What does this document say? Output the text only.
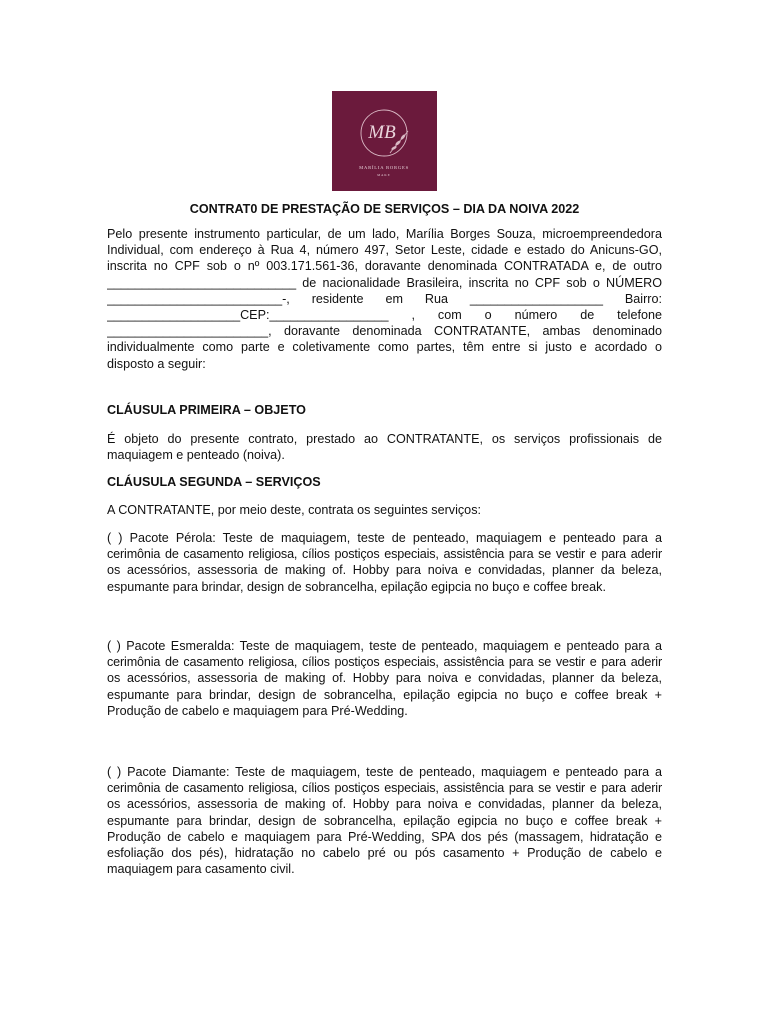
MB
MARÍLIA BORGES
MAKE
CONTRAT0 DE PRESTAÇÃO DE SERVIÇOS – DIA DA NOIVA 2022
Pelo presente instrumento particular, de um lado, Marília Borges Souza, microempreendedora
Individual, com endereço à Rua 4, número 497, Setor Leste, cidade e estado do Anicuns-GO,
inscrita no CPF sob o nº 003.171.561-36, doravante denominada CONTRATADA e, de outro
___________________________ de nacionalidade Brasileira, inscrita no CPF sob o NÚMERO
_________________________-, residente em Rua ___________________ Bairro:
___________________CEP:_________________ , com o número de telefone
_______________________, doravante denominada CONTRATANTE, ambas denominado
individualmente como parte e coletivamente como partes, têm entre si justo e acordado o
disposto a seguir:
CLÁUSULA PRIMEIRA – OBJETO
É objeto do presente contrato, prestado ao CONTRATANTE, os serviços profissionais de
maquiagem e penteado (noiva).
CLÁUSULA SEGUNDA – SERVIÇOS
A CONTRATANTE, por meio deste, contrata os seguintes serviços:
( ) Pacote Pérola: Teste de maquiagem, teste de penteado, maquiagem e penteado para a
cerimônia de casamento religiosa, cílios postiços especiais, assistência para se vestir e para aderir
os acessórios, assessoria de making of. Hobby para noiva e convidadas, planner da beleza,
espumante para brindar, design de sobrancelha, epilação egipcia no buço e coffee break.
( ) Pacote Esmeralda: Teste de maquiagem, teste de penteado, maquiagem e penteado para a
cerimônia de casamento religiosa, cílios postiços especiais, assistência para se vestir e para aderir
os acessórios, assessoria de making of. Hobby para noiva e convidadas, planner da beleza,
espumante para brindar, design de sobrancelha, epilação egipcia no buço e coffee break +
Produção de cabelo e maquiagem para Pré-Wedding.
( ) Pacote Diamante: Teste de maquiagem, teste de penteado, maquiagem e penteado para a
cerimônia de casamento religiosa, cílios postiços especiais, assistência para se vestir e para aderir
os acessórios, assessoria de making of. Hobby para noiva e convidadas, planner da beleza,
espumante para brindar, design de sobrancelha, epilação egipcia no buço e coffee break +
Produção de cabelo e maquiagem para Pré-Wedding, SPA dos pés (massagem, hidratação e
esfoliação dos pés), hidratação no cabelo pré ou pós casamento + Produção de cabelo e
maquiagem para casamento civil.
